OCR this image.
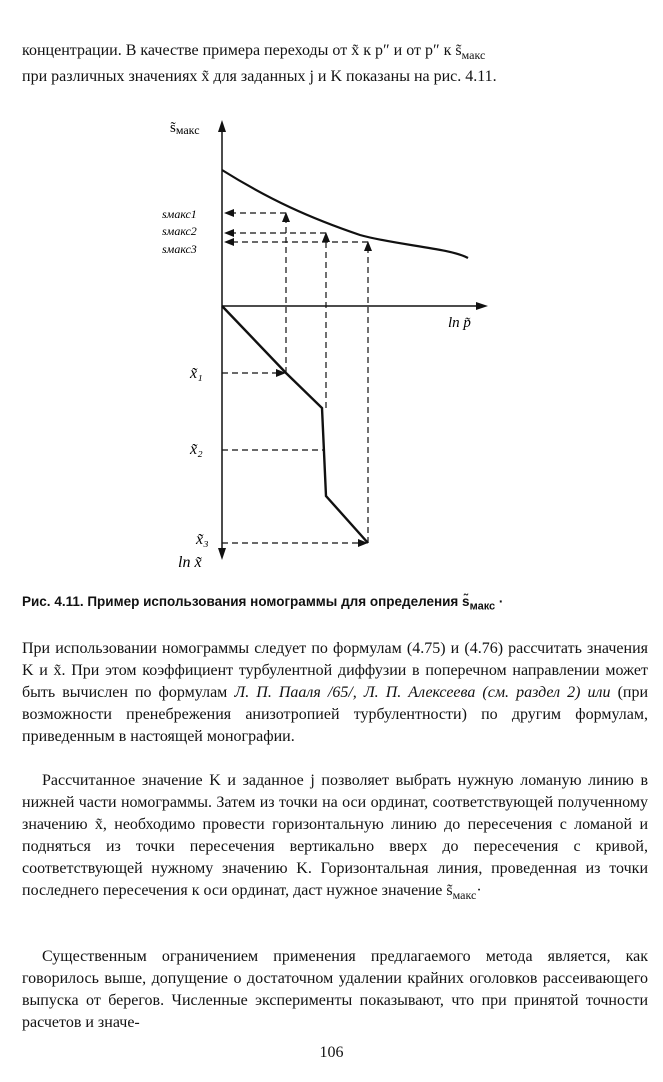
концентрации. В качестве примера переходы от x̃ к p″ и от p″ к $s̃_{макс}$
при различных значениях x̃ для заданных j и K показаны на рис. 4.11.

s̃макс
ln p̃
sмакс1
sмакс2
sмакс3
x̃₁
x̃₂
x̃₃
ln x̃
Рис. 4.11. Пример использования номограммы для определения $s̃_{макс}$ ·

При использовании номограммы следует по формулам (4.75) и (4.76) рассчитать значения K и x̃. При этом коэффициент турбулентной диффузии в поперечном направлении может быть вычислен по формулам Л. П. Пааля /65/, Л. П. Алексеева (см. раздел 2) или (при возможности пренебрежения анизотропией турбулентности) по другим формулам, приведенным в настоящей монографии.

Рассчитанное значение K и заданное j позволяет выбрать нужную ломаную линию в нижней части номограммы. Затем из точки на оси ординат, соответствующей полученному значению x̃, необходимо провести горизонтальную линию до пересечения с ломаной и подняться из точки пересечения вертикально вверх до пересечения с кривой, соответствующей нужному значению K. Горизонтальная линия, проведенная из точки последнего пересечения к оси ординат, даст нужное значение $s̃_{макс}\cdot$

Существенным ограничением применения предлагаемого метода является, как говорилось выше, допущение о достаточном удалении крайних оголовков рассеивающего выпуска от берегов. Численные эксперименты показывают, что при принятой точности расчетов и значе-

106
